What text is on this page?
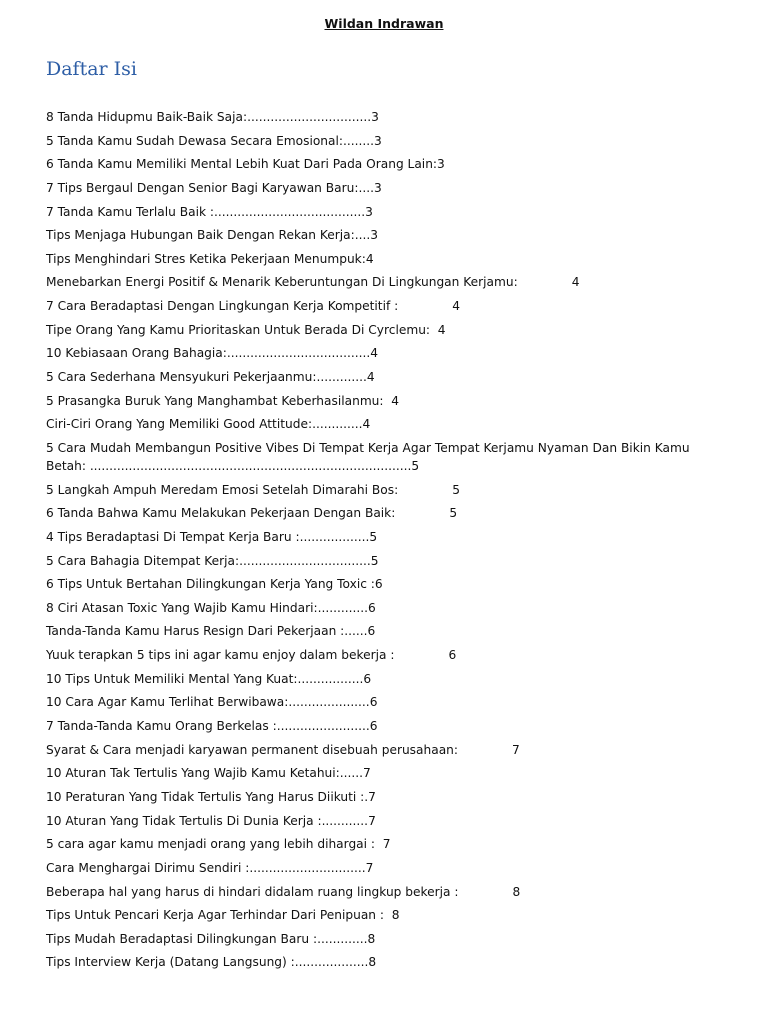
Wildan Indrawan
Daftar Isi
8 Tanda Hidupmu Baik-Baik Saja:................................3
5 Tanda Kamu Sudah Dewasa Secara Emosional:........3
6 Tanda Kamu Memiliki Mental Lebih Kuat Dari Pada Orang Lain:3
7 Tips Bergaul Dengan Senior Bagi Karyawan Baru:....3
7 Tanda Kamu Terlalu Baik :.......................................3
Tips Menjaga Hubungan Baik Dengan Rekan Kerja:....3
Tips Menghindari Stres Ketika Pekerjaan Menumpuk:4
Menebarkan Energi Positif & Menarik Keberuntungan Di Lingkungan Kerjamu:	4
7 Cara Beradaptasi Dengan Lingkungan Kerja Kompetitif :	4
Tipe Orang Yang Kamu Prioritaskan Untuk Berada Di Cyrclemu: 4
10 Kebiasaan Orang Bahagia:.....................................4
5 Cara Sederhana Mensyukuri Pekerjaanmu:.............4
5 Prasangka Buruk Yang Manghambat Keberhasilanmu: 4
Ciri-Ciri Orang Yang Memiliki Good Attitude:.............4
5 Cara Mudah Membangun Positive Vibes Di Tempat Kerja Agar Tempat Kerjamu Nyaman Dan Bikin Kamu Betah: ...................................................................................5
5 Langkah Ampuh Meredam Emosi Setelah Dimarahi Bos:	5
6 Tanda Bahwa Kamu Melakukan Pekerjaan Dengan Baik:	5
4 Tips Beradaptasi Di Tempat Kerja Baru :..................5
5 Cara Bahagia Ditempat Kerja:..................................5
6 Tips Untuk Bertahan Dilingkungan Kerja Yang Toxic :6
8 Ciri Atasan Toxic Yang Wajib Kamu Hindari:.............6
Tanda-Tanda Kamu Harus Resign Dari Pekerjaan :......6
Yuuk terapkan 5 tips ini agar kamu enjoy dalam bekerja :	6
10 Tips Untuk Memiliki Mental Yang Kuat:.................6
10 Cara Agar Kamu Terlihat Berwibawa:.....................6
7 Tanda-Tanda Kamu Orang Berkelas :........................6
Syarat & Cara menjadi karyawan permanent disebuah perusahaan:	7
10 Aturan Tak Tertulis Yang Wajib Kamu Ketahui:......7
10 Peraturan Yang Tidak Tertulis Yang Harus Diikuti :.7
10 Aturan Yang Tidak Tertulis Di Dunia Kerja :............7
5 cara agar kamu menjadi orang yang lebih dihargai : 7
Cara Menghargai Dirimu Sendiri :..............................7
Beberapa hal yang harus di hindari didalam ruang lingkup bekerja :	8
Tips Untuk Pencari Kerja Agar Terhindar Dari Penipuan : 8
Tips Mudah Beradaptasi Dilingkungan Baru :.............8
Tips Interview Kerja (Datang Langsung) :...................8
